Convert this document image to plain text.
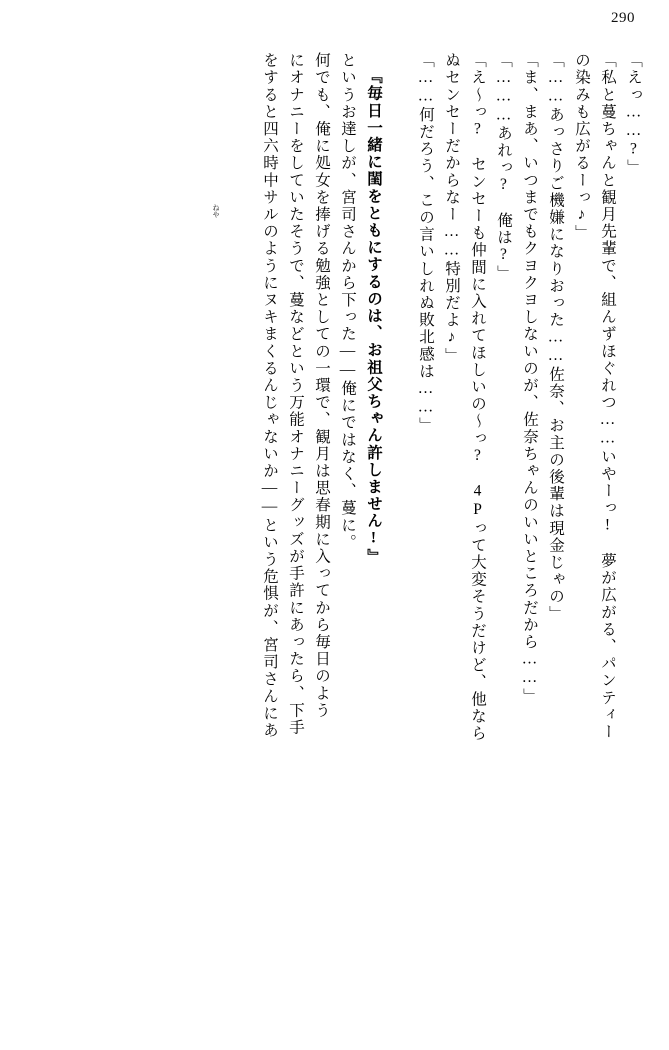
290
「えっ……?」
「私と蔓ちゃんと観月先輩で、組んずほぐれつ……いやーっ!　夢が広がる、パンティー
の染みも広がるーっ♪」
「……あっさりご機嫌になりおった……佐奈、お主の後輩は現金じゃの」
「ま、まあ、いつまでもクヨクヨしないのが、佐奈ちゃんのいいところだから……」
「………あれっ?　俺は?」
「え～っ?　センセーも仲間に入れてほしいの～っ?　4Pって大変そうだけど、他なら
ぬセンセーだからなー……特別だよ♪」
「……何だろう、この言いしれぬ敗北感は……」
『毎日一緒に閨をともにするのは、お祖父ちゃん許しません!』
というお達しが、宮司さんから下った――俺にではなく、蔓に。
何でも、俺に処女を捧げる勉強としての一環で、観月は思春期に入ってから毎日のよう
にオナニーをしていたそうで、蔓などという万能オナニーグッズが手許にあったら、下手
をすると四六時中サルのようにヌキまくるんじゃないか――という危惧が、宮司さんにあ
ねや
